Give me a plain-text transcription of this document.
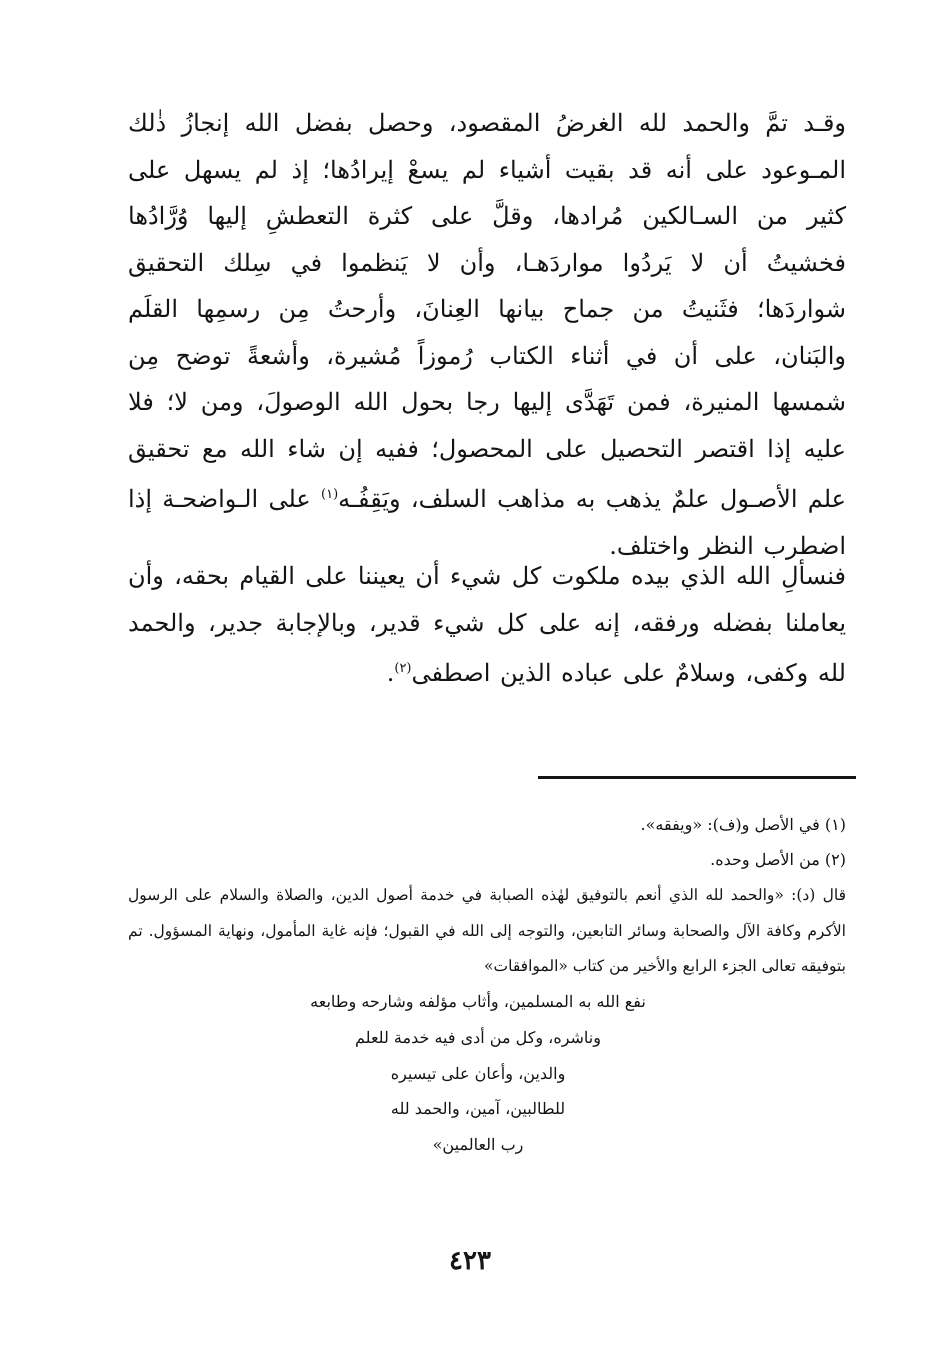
وقـد تمَّ والحمد لله الغرضُ المقصود، وحصل بفضل الله إنجازُ ذٰلك المـوعود على أنه قد بقيت أشياء لم يسعْ إيرادُها؛ إذ لم يسهل على كثير من السـالكين مُرادها، وقلَّ على كثرة التعطشِ إليها وُرَّادُها فخشيتُ أن لا يَردُوا مواردَهـا، وأن لا يَنظموا في سِلك التحقيق شواردَها؛ فثَنيتُ من جماح بيانها العِنانَ، وأرحتُ مِن رسمِها القلَم والبَنان، على أن في أثناء الكتاب رُموزاً مُشيرة، وأشعةً توضح مِن شمسها المنيرة، فمن تَهَدَّى إليها رجا بحول الله الوصولَ، ومن لا؛ فلا عليه إذا اقتصر التحصيل على المحصول؛ ففيه إن شاء الله مع تحقيق علم الأصـول علمٌ يذهب به مذاهب السلف، ويَقِفُـه$^{(١)}$ على الـواضحـة إذا اضطرب النظر واختلف.
فنسألِ الله الذي بيده ملكوت كل شيء أن يعيننا على القيام بحقه، وأن يعاملنا بفضله ورفقه، إنه على كل شيء قدير، وبالإجابة جدير، والحمد لله وكفى، وسلامٌ على عباده الذين اصطفى$^{(٢)}$.
(١) في الأصل و(ف): «ويفقه».
(٢) من الأصل وحده.
قال (د): «والحمد لله الذي أنعم بالتوفيق لهٰذه الصبابة في خدمة أصول الدين، والصلاة والسلام على الرسول الأكرم وكافة الآل والصحابة وسائر التابعين، والتوجه إلى الله في القبول؛ فإنه غاية المأمول، ونهاية المسؤول. تم بتوفيقه تعالى الجزء الرابع والأخير من كتاب «الموافقات»
نفع الله به المسلمين، وأثاب مؤلفه وشارحه وطابعه
وناشره، وكل من أدى فيه خدمة للعلم
والدين، وأعان على تيسيره
للطالبين، آمين، والحمد لله
رب العالمين»
٤٢٣
